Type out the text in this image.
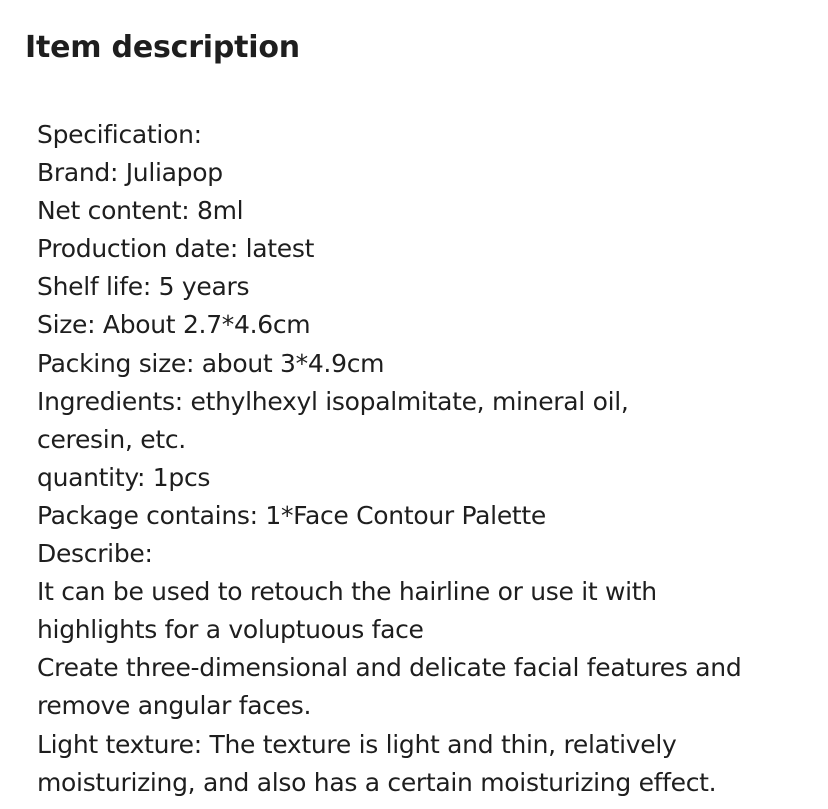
Item description
Specification:
Brand: Juliapop
Net content: 8ml
Production date: latest
Shelf life: 5 years
Size: About 2.7*4.6cm
Packing size: about 3*4.9cm
Ingredients: ethylhexyl isopalmitate, mineral oil,
ceresin, etc.
quantity: 1pcs
Package contains: 1*Face Contour Palette
Describe:
It can be used to retouch the hairline or use it with
highlights for a voluptuous face
Create three-dimensional and delicate facial features and
remove angular faces.
Light texture: The texture is light and thin, relatively
moisturizing, and also has a certain moisturizing effect.
